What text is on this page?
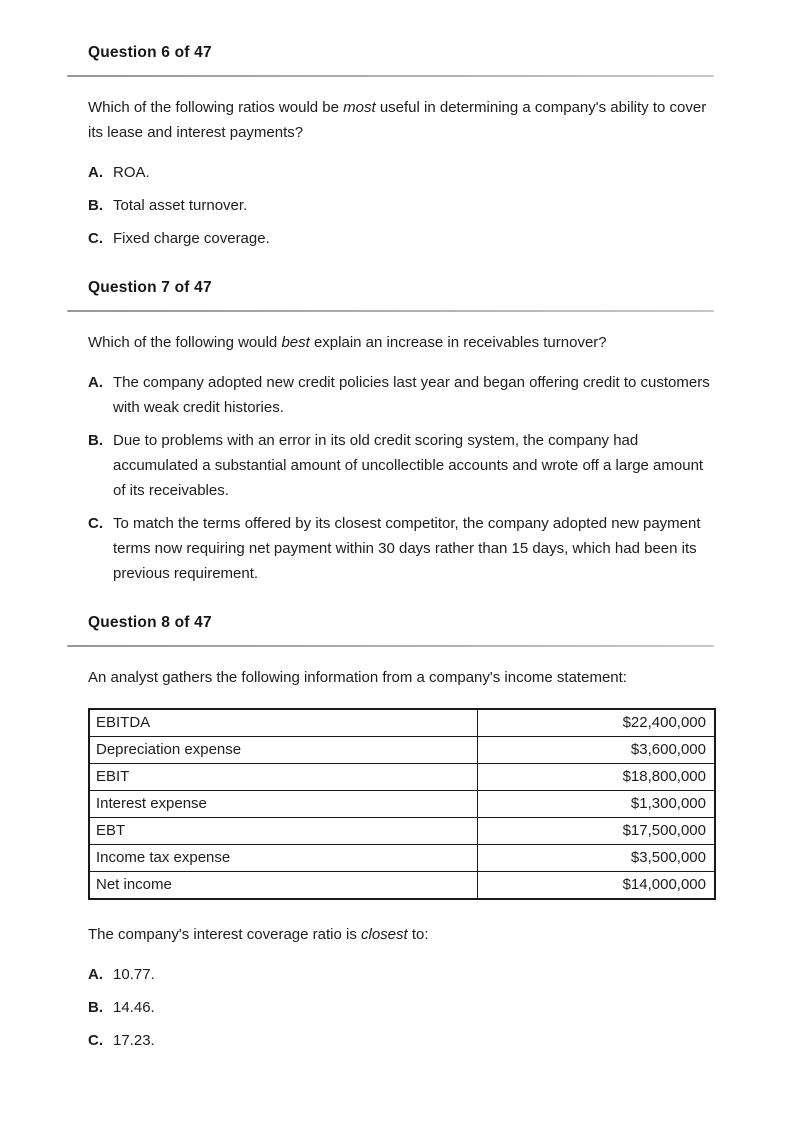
Question 6 of 47

Which of the following ratios would be most useful in determining a company's ability to cover its lease and interest payments?

A. ROA.
B. Total asset turnover.
C. Fixed charge coverage.
Question 7 of 47

Which of the following would best explain an increase in receivables turnover?

A. The company adopted new credit policies last year and began offering credit to customers with weak credit histories.
B. Due to problems with an error in its old credit scoring system, the company had accumulated a substantial amount of uncollectible accounts and wrote off a large amount of its receivables.
C. To match the terms offered by its closest competitor, the company adopted new payment terms now requiring net payment within 30 days rather than 15 days, which had been its previous requirement.
Question 8 of 47

An analyst gathers the following information from a company's income statement:

EBITDA	$22,400,000
Depreciation expense	$3,600,000
EBIT	$18,800,000
Interest expense	$1,300,000
EBT	$17,500,000
Income tax expense	$3,500,000
Net income	$14,000,000

The company's interest coverage ratio is closest to:

A. 10.77.
B. 14.46.
C. 17.23.
